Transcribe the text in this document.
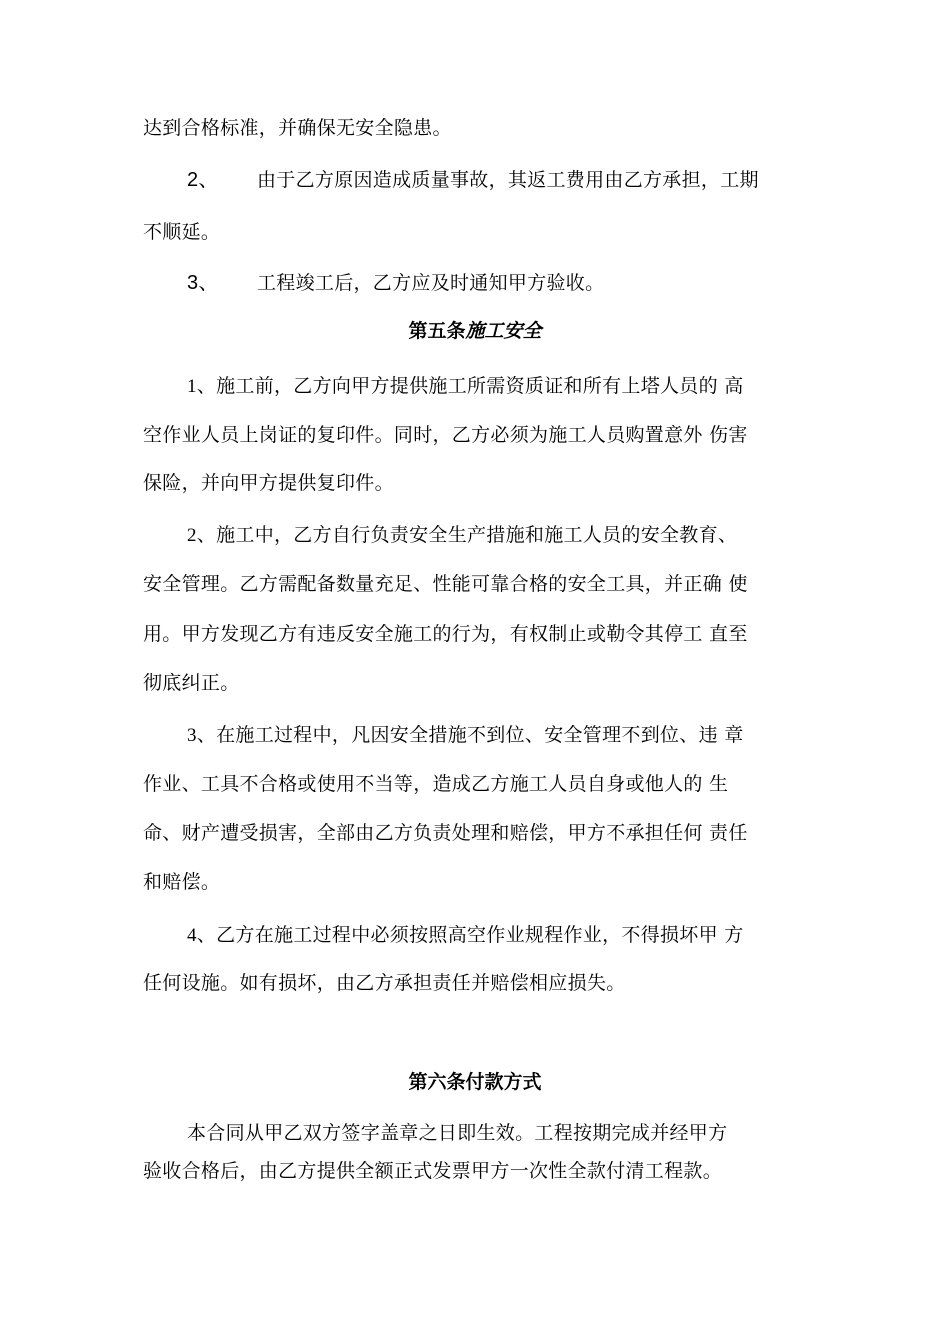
达到合格标准，并确保无安全隐患。
2、 由于乙方原因造成质量事故，其返工费用由乙方承担，工期
不顺延。
3、 工程竣工后，乙方应及时通知甲方验收。
第五条施工安全
1、施工前，乙方向甲方提供施工所需资质证和所有上塔人员的 高
空作业人员上岗证的复印件。同时，乙方必须为施工人员购置意外 伤害
保险，并向甲方提供复印件。
2、施工中，乙方自行负责安全生产措施和施工人员的安全教育、
安全管理。乙方需配备数量充足、性能可靠合格的安全工具，并正确 使
用。甲方发现乙方有违反安全施工的行为，有权制止或勒令其停工 直至
彻底纠正。
3、在施工过程中，凡因安全措施不到位、安全管理不到位、违 章
作业、工具不合格或使用不当等，造成乙方施工人员自身或他人的 生
命、财产遭受损害，全部由乙方负责处理和赔偿，甲方不承担任何 责任
和赔偿。
4、乙方在施工过程中必须按照高空作业规程作业，不得损坏甲 方
任何设施。如有损坏，由乙方承担责任并赔偿相应损失。
第六条付款方式
本合同从甲乙双方签字盖章之日即生效。工程按期完成并经甲方
验收合格后，由乙方提供全额正式发票甲方一次性全款付清工程款。
